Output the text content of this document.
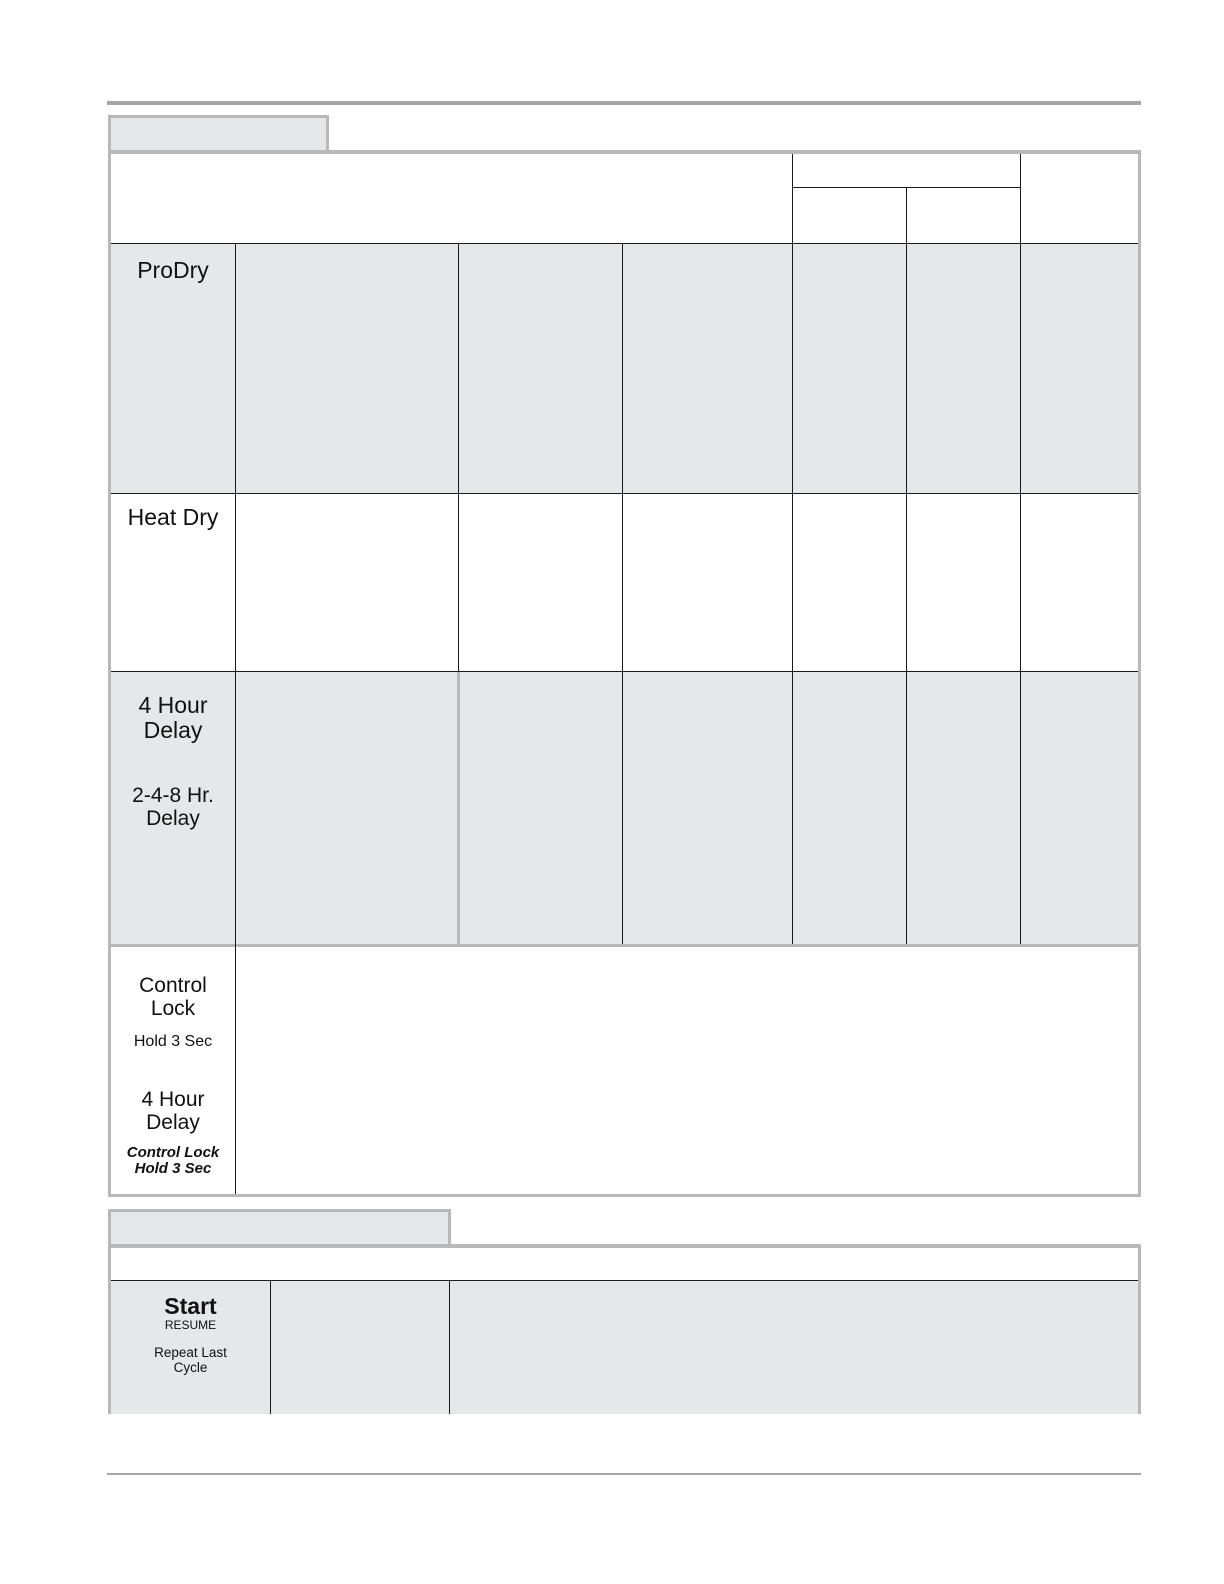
ProDry
Heat Dry
4 Hour
Delay
2-4-8 Hr.
Delay
Control
Lock
Hold 3 Sec
4 Hour
Delay
Control Lock
Hold 3 Sec
Start
RESUME
Repeat Last
Cycle
